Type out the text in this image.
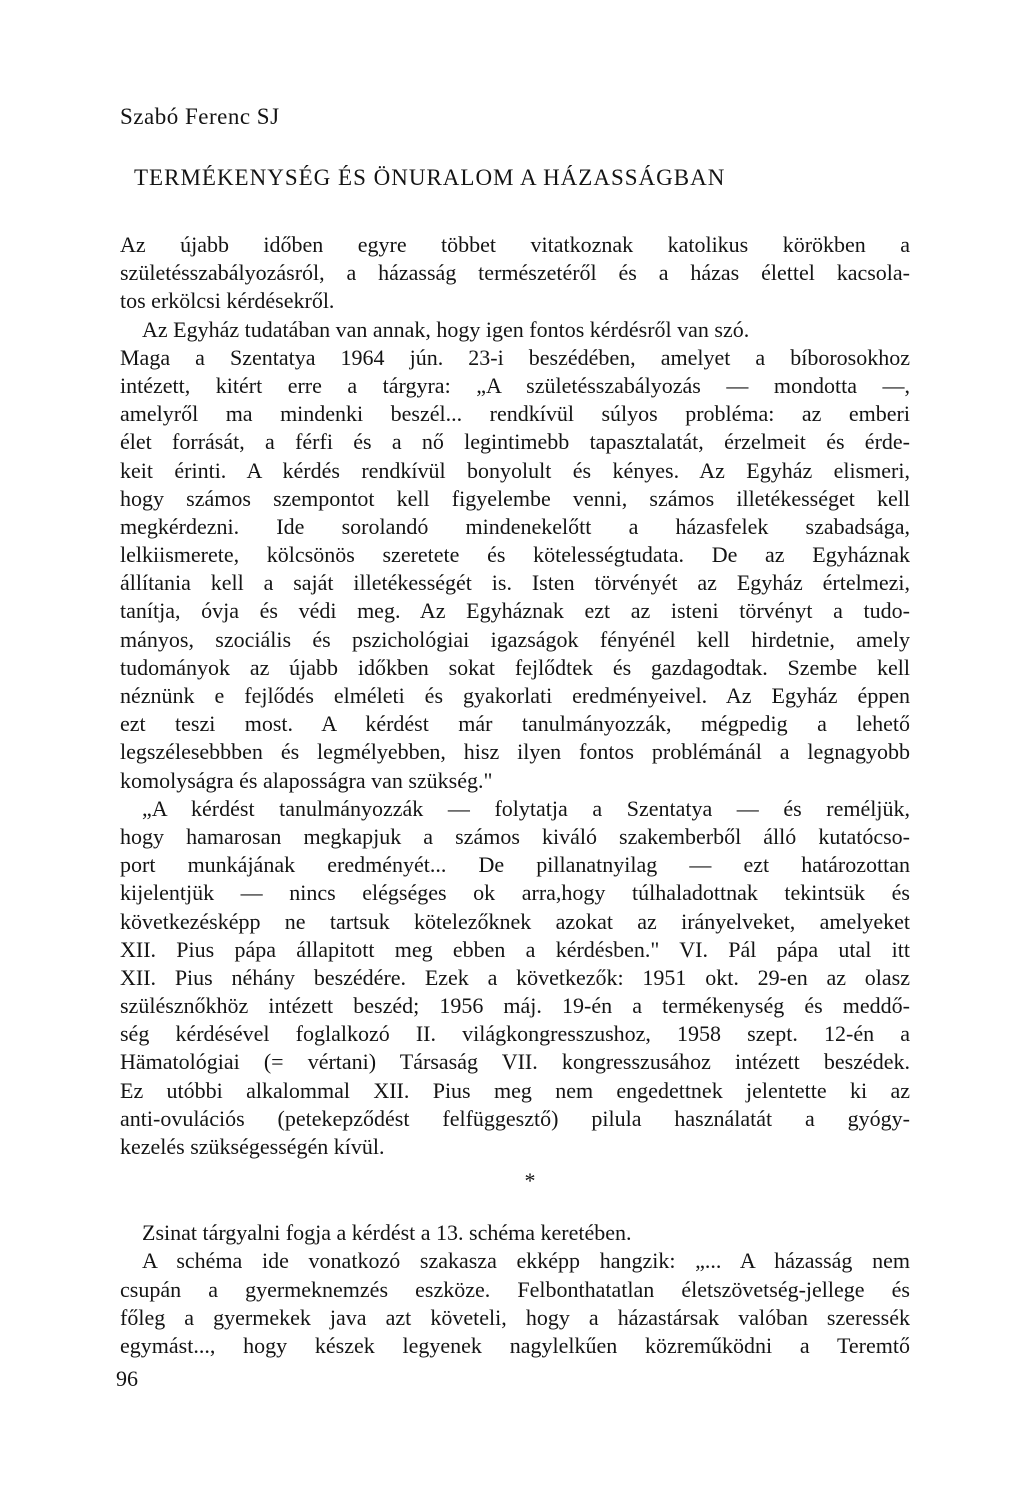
Szabó Ferenc SJ

TERMÉKENYSÉG ÉS ÖNURALOM A HÁZASSÁGBAN
Az újabb időben egyre többet vitatkoznak katolikus körökben a
születésszabályozásról, a házasság természetéről és a házas élettel kacsola-
tos erkölcsi kérdésekről.
Az Egyház tudatában van annak, hogy igen fontos kérdésről van szó.
Maga a Szentatya 1964 jún. 23-i beszédében, amelyet a bíborosokhoz
intézett, kitért erre a tárgyra: „A születésszabályozás — mondotta —,
amelyről ma mindenki beszél... rendkívül súlyos probléma: az emberi
élet forrását, a férfi és a nő legintimebb tapasztalatát, érzelmeit és érde-
keit érinti. A kérdés rendkívül bonyolult és kényes. Az Egyház elismeri,
hogy számos szempontot kell figyelembe venni, számos illetékességet kell
megkérdezni. Ide sorolandó mindenekelőtt a házasfelek szabadsága,
lelkiismerete, kölcsönös szeretete és kötelességtudata. De az Egyháznak
állítania kell a saját illetékességét is. Isten törvényét az Egyház értelmezi,
tanítja, óvja és védi meg. Az Egyháznak ezt az isteni törvényt a tudo-
mányos, szociális és pszichológiai igazságok fényénél kell hirdetnie, amely
tudományok az újabb időkben sokat fejlődtek és gazdagodtak. Szembe kell
néznünk e fejlődés elméleti és gyakorlati eredményeivel. Az Egyház éppen
ezt teszi most. A kérdést már tanulmányozzák, mégpedig a lehető
legszélesebbben és legmélyebben, hisz ilyen fontos problémánál a legnagyobb
komolyságra és alaposságra van szükség."
„A kérdést tanulmányozzák — folytatja a Szentatya — és reméljük,
hogy hamarosan megkapjuk a számos kiváló szakemberből álló kutatócso-
port munkájának eredményét... De pillanatnyilag — ezt határozottan
kijelentjük — nincs elégséges ok arra,hogy túlhaladottnak tekintsük és
következésképp ne tartsuk kötelezőknek azokat az irányelveket, amelyeket
XII. Pius pápa állapitott meg ebben a kérdésben." VI. Pál pápa utal itt
XII. Pius néhány beszédére. Ezek a következők: 1951 okt. 29-en az olasz
szülésznőkhöz intézett beszéd; 1956 máj. 19-én a termékenység és meddő-
ség kérdésével foglalkozó II. világkongresszushoz, 1958 szept. 12-én a
Hämatológiai (= vértani) Társaság VII. kongresszusához intézett beszédek.
Ez utóbbi alkalommal XII. Pius meg nem engedettnek jelentette ki az
anti-ovulációs (petekepződést felfüggesztő) pilula használatát a gyógy-
kezelés szükségességén kívül.
*
Zsinat tárgyalni fogja a kérdést a 13. schéma keretében.
A schéma ide vonatkozó szakasza ekképp hangzik: „... A házasság nem
csupán a gyermeknemzés eszköze. Felbonthatatlan életszövetség-jellege és
főleg a gyermekek java azt követeli, hogy a házastársak valóban szeressék
egymást..., hogy készek legyenek nagylelkűen közreműködni a Teremtő

96
